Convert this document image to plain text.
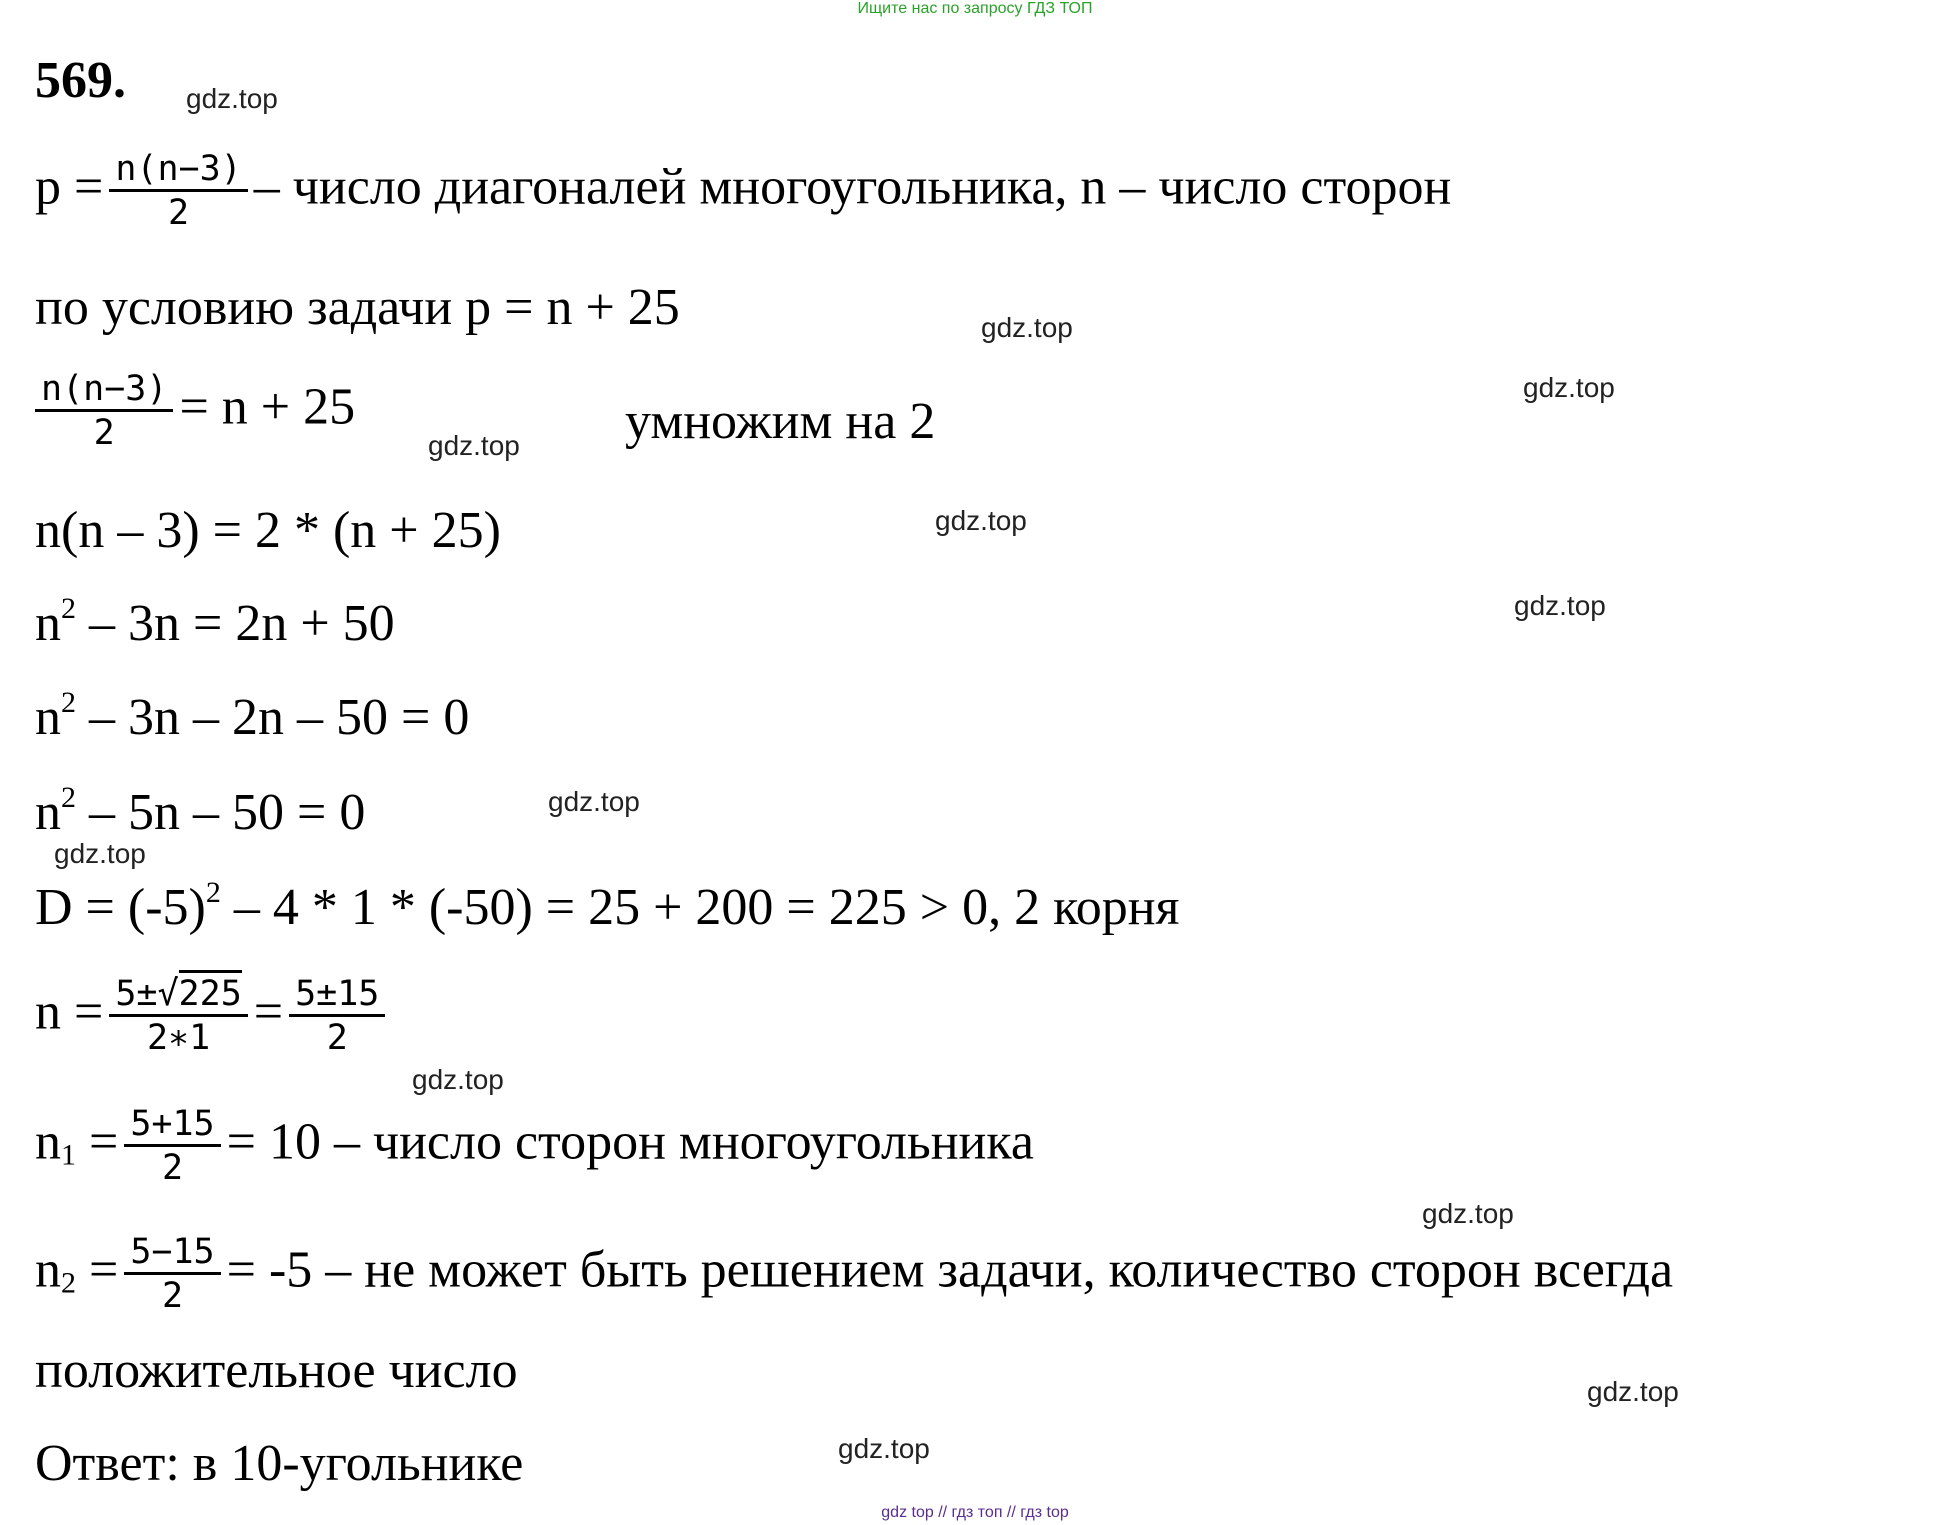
Ищите нас по запросу ГДЗ ТОП
569.
$p = \frac{n(n-3)}{2}$ – число диагоналей многоугольника, n – число сторон
по условию задачи p = n + 25
$\frac{n(n-3)}{2} = n + 25$	умножим на 2
n(n – 3) = 2 * (n + 25)
$n^2 - 3n = 2n + 50$
$n^2 - 3n - 2n - 50 = 0$
$n^2 - 5n - 50 = 0$
$D = (-5)^2 - 4 * 1 * (-50) = 25 + 200 = 225 > 0$, 2 корня
$n = \frac{5\pm√225}{2∗1} = \frac{5\pm 15}{2}$
$n_1 = \frac{5+15}{2} = 10$ – число сторон многоугольника
$n_2 = \frac{5-15}{2} = -5$ – не может быть решением задачи, количество сторон всегда
положительное число
Ответ: в 10-угольнике
gdz.top
gdz.top
gdz.top
gdz.top
gdz.top
gdz.top
gdz.top
gdz.top
gdz.top
gdz.top
gdz.top
gdz.top
gdz top // гдз топ // гдз top
